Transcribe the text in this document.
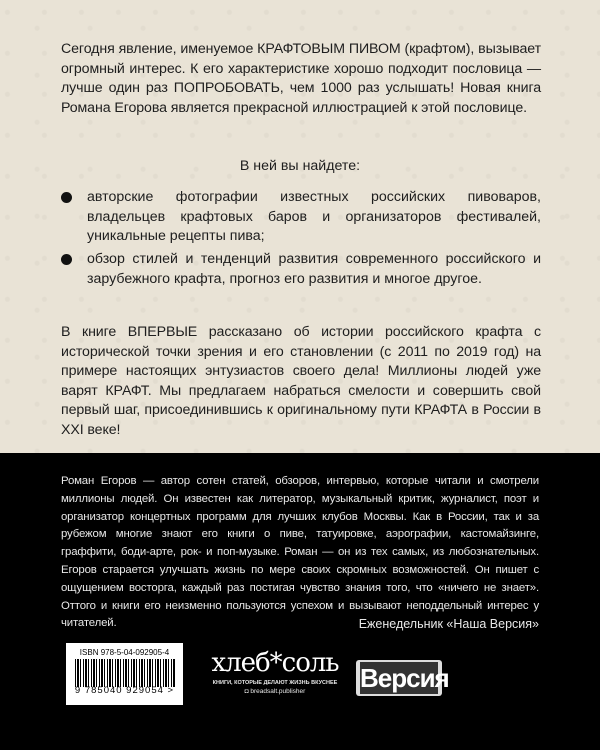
Сегодня явление, именуемое КРАФТОВЫМ ПИВОМ (крафтом), вызывает огромный интерес. К его характеристике хорошо подходит пословица — лучше один раз ПОПРОБОВАТЬ, чем 1000 раз услышать! Новая книга Романа Егорова является прекрасной иллюстрацией к этой пословице.
В ней вы найдете:
авторские фотографии известных российских пивоваров, владельцев крафтовых баров и организаторов фестивалей, уникальные рецепты пива;
обзор стилей и тенденций развития современного российского и зарубежного крафта, прогноз его развития и многое другое.
В книге ВПЕРВЫЕ рассказано об истории российского крафта с исторической точки зрения и его становлении (с 2011 по 2019 год) на примере настоящих энтузиастов своего дела! Миллионы людей уже варят КРАФТ. Мы предлагаем набраться смелости и совершить свой первый шаг, присоединившись к оригинальному пути КРАФТА в России в XXI веке!
Роман Егоров — автор сотен статей, обзоров, интервью, которые читали и смотрели миллионы людей. Он известен как литератор, музыкальный критик, журналист, поэт и организатор концертных программ для лучших клубов Москвы. Как в России, так и за рубежом многие знают его книги о пиве, татуировке, аэрографии, кастомайзинге, граффити, боди-арте, рок- и поп-музыке. Роман — он из тех самых, из любознательных. Егоров старается улучшать жизнь по мере своих скромных возможностей. Он пишет с ощущением восторга, каждый раз постигая чувство знания того, что «ничего не знает». Оттого и книги его неизменно пользуются успехом и вызывают неподдельный интерес у читателей.	Еженедельник «Наша Версия»
ISBN 978-5-04-092905-4
9 785040 929054 >
хлеб*соль
КНИГИ, КОТОРЫЕ ДЕЛАЮТ ЖИЗНЬ ВКУСНЕЕ
◘ breadsalt.publisher	Версия
